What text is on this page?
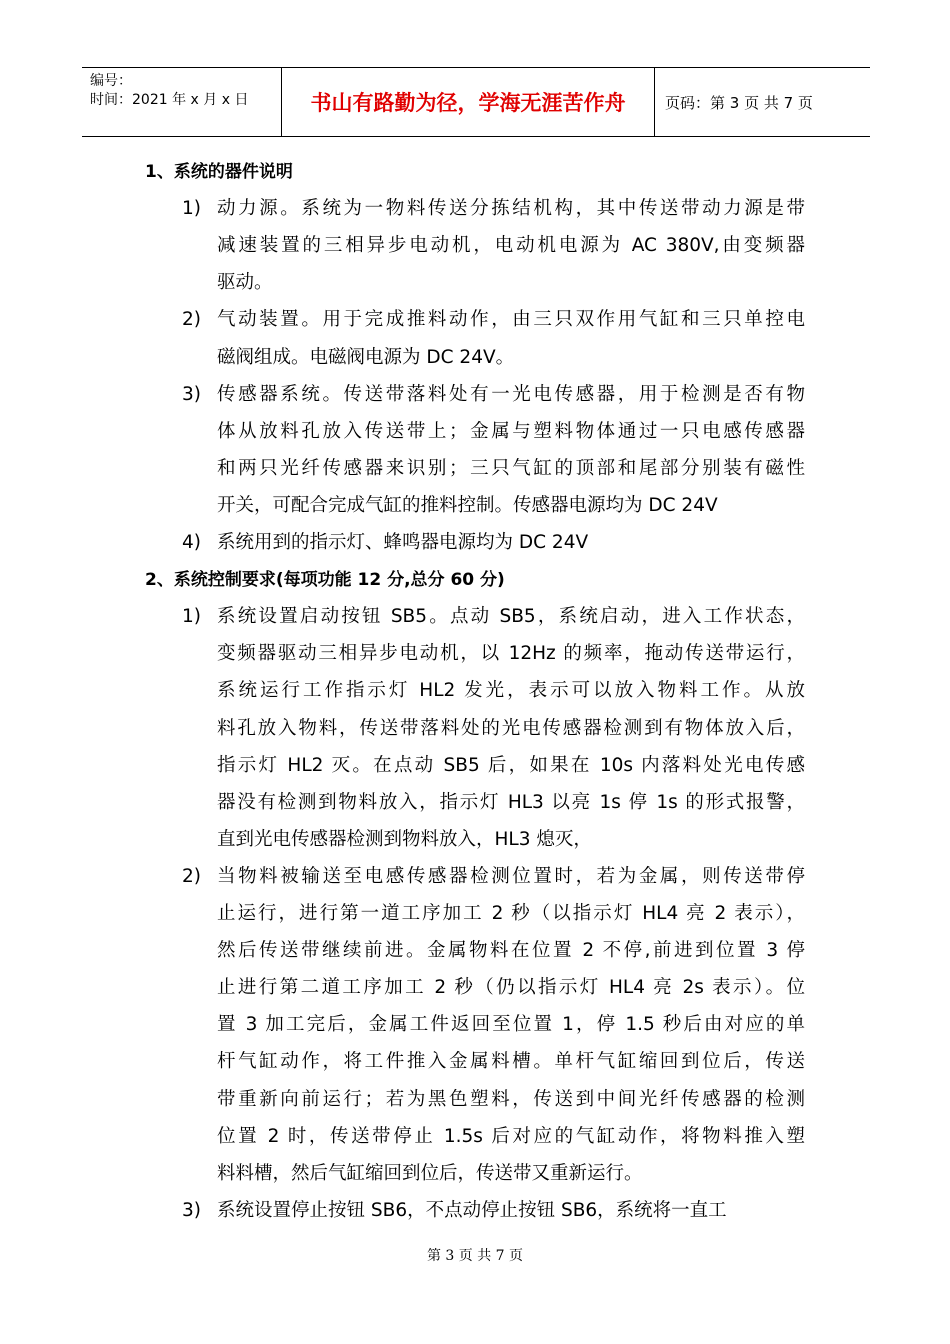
编号：
时间：2021 年 x 月 x 日	书山有路勤为径，学海无涯苦作舟	页码：第 3 页 共 7 页
1、系统的器件说明
1) 动力源。系统为一物料传送分拣结机构，其中传送带动力源是带
减速装置的三相异步电动机，电动机电源为 AC 380V,由变频器
驱动。
2) 气动装置。用于完成推料动作，由三只双作用气缸和三只单控电
磁阀组成。电磁阀电源为 DC 24V。
3) 传感器系统。传送带落料处有一光电传感器，用于检测是否有物
体从放料孔放入传送带上；金属与塑料物体通过一只电感传感器
和两只光纤传感器来识别；三只气缸的顶部和尾部分别装有磁性
开关，可配合完成气缸的推料控制。传感器电源均为 DC 24V
4) 系统用到的指示灯、蜂鸣器电源均为 DC 24V
2、系统控制要求(每项功能 12 分,总分 60 分)
1) 系统设置启动按钮 SB5。点动 SB5，系统启动，进入工作状态，
变频器驱动三相异步电动机，以 12Hz 的频率，拖动传送带运行，
系统运行工作指示灯 HL2 发光，表示可以放入物料工作。从放
料孔放入物料，传送带落料处的光电传感器检测到有物体放入后，
指示灯 HL2 灭。在点动 SB5 后，如果在 10s 内落料处光电传感
器没有检测到物料放入，指示灯 HL3 以亮 1s 停 1s 的形式报警，
直到光电传感器检测到物料放入，HL3 熄灭，
2) 当物料被输送至电感传感器检测位置时，若为金属，则传送带停
止运行，进行第一道工序加工 2 秒（以指示灯 HL4 亮 2 表示），
然后传送带继续前进。金属物料在位置 2 不停,前进到位置 3 停
止进行第二道工序加工 2 秒（仍以指示灯 HL4 亮 2s 表示）。位
置 3 加工完后，金属工件返回至位置 1，停 1.5 秒后由对应的单
杆气缸动作，将工件推入金属料槽。单杆气缸缩回到位后，传送
带重新向前运行；若为黑色塑料，传送到中间光纤传感器的检测
位置 2 时，传送带停止 1.5s 后对应的气缸动作，将物料推入塑
料料槽，然后气缸缩回到位后，传送带又重新运行。
3) 系统设置停止按钮 SB6，不点动停止按钮 SB6，系统将一直工
第 3 页 共 7 页
